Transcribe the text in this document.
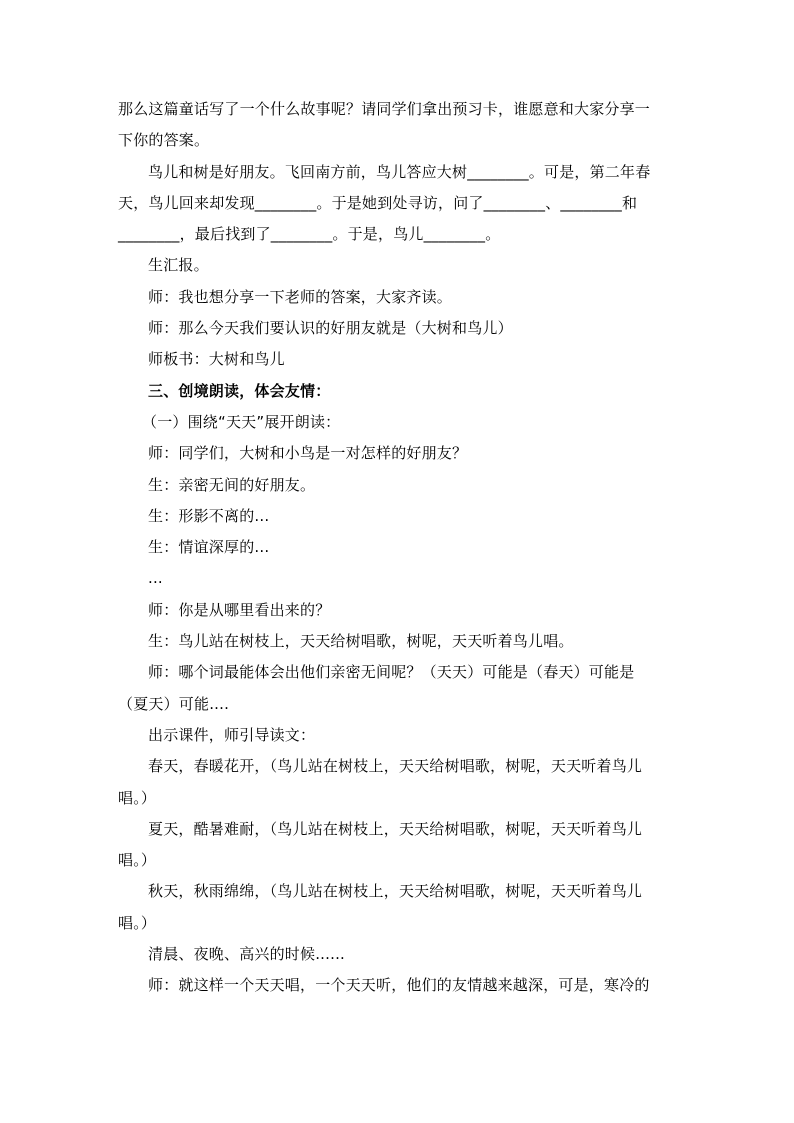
那么这篇童话写了一个什么故事呢？请同学们拿出预习卡，谁愿意和大家分享一
下你的答案。
鸟儿和树是好朋友。飞回南方前，鸟儿答应大树________。可是，第二年春
天，鸟儿回来却发现________。于是她到处寻访，问了________、________和
________，最后找到了________。于是，鸟儿________。
生汇报。
师：我也想分享一下老师的答案，大家齐读。
师：那么今天我们要认识的好朋友就是（大树和鸟儿）
师板书：大树和鸟儿
三、创境朗读，体会友情：
（一）围绕“天天”展开朗读：
师：同学们，大树和小鸟是一对怎样的好朋友？
生：亲密无间的好朋友。
生：形影不离的...
生：情谊深厚的...
...
师：你是从哪里看出来的？
生：鸟儿站在树枝上，天天给树唱歌，树呢，天天听着鸟儿唱。
师：哪个词最能体会出他们亲密无间呢？（天天）可能是（春天）可能是
（夏天）可能....
出示课件，师引导读文：
春天，春暖花开，（鸟儿站在树枝上，天天给树唱歌，树呢，天天听着鸟儿
唱。）
夏天，酷暑难耐，（鸟儿站在树枝上，天天给树唱歌，树呢，天天听着鸟儿
唱。）
秋天，秋雨绵绵，（鸟儿站在树枝上，天天给树唱歌，树呢，天天听着鸟儿
唱。）
清晨、夜晚、高兴的时候......
师：就这样一个天天唱，一个天天听，他们的友情越来越深，可是，寒冷的
